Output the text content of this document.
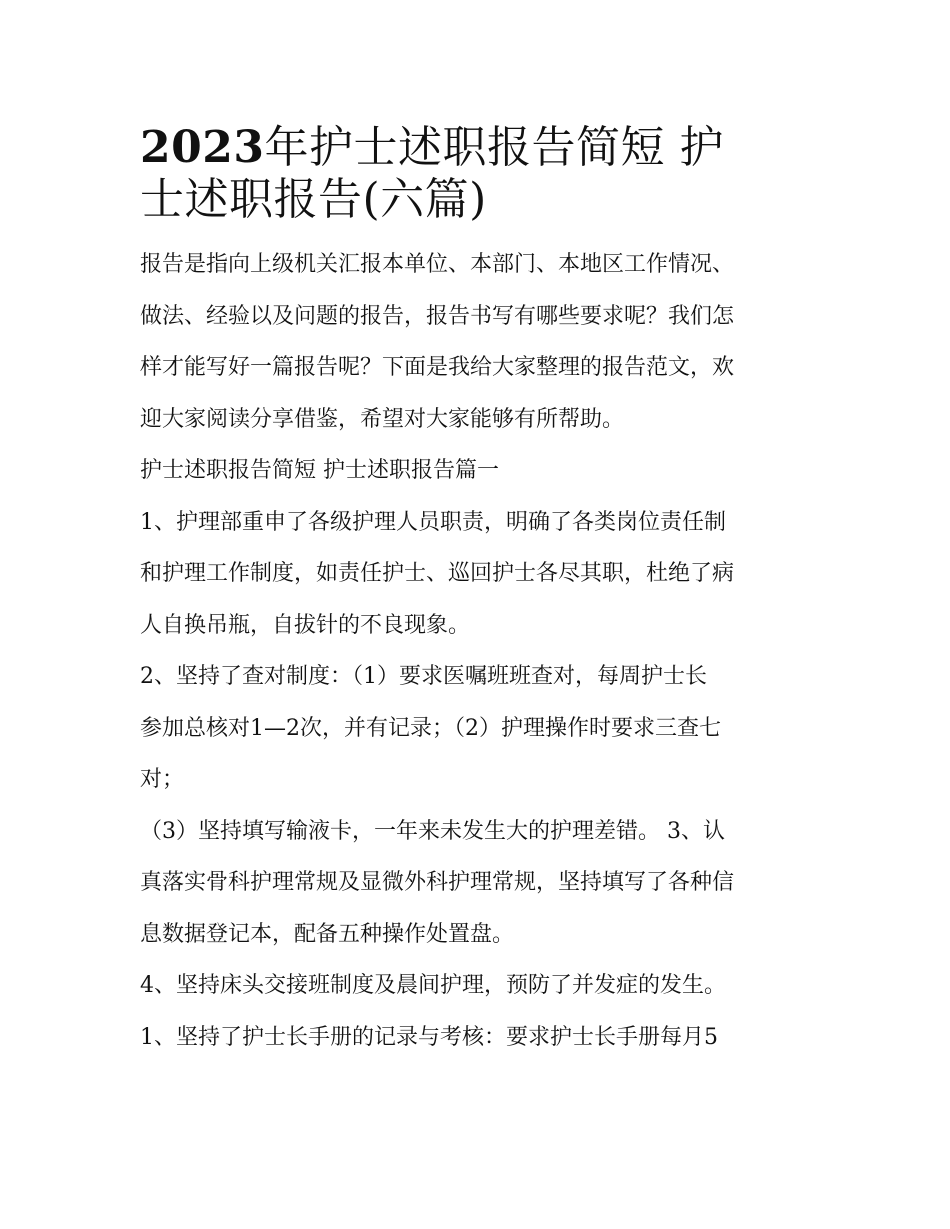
2023年护士述职报告简短 护
士述职报告(六篇)
报告是指向上级机关汇报本单位、本部门、本地区工作情况、
做法、经验以及问题的报告，报告书写有哪些要求呢？我们怎
样才能写好一篇报告呢？下面是我给大家整理的报告范文，欢
迎大家阅读分享借鉴，希望对大家能够有所帮助。
护士述职报告简短 护士述职报告篇一
1、护理部重申了各级护理人员职责，明确了各类岗位责任制
和护理工作制度，如责任护士、巡回护士各尽其职，杜绝了病
人自换吊瓶，自拔针的不良现象。
2、坚持了查对制度：（1）要求医嘱班班查对，每周护士长
参加总核对1—2次，并有记录；（2）护理操作时要求三查七
对；
（3）坚持填写输液卡，一年来未发生大的护理差错。 3、认
真落实骨科护理常规及显微外科护理常规，坚持填写了各种信
息数据登记本，配备五种操作处置盘。
4、坚持床头交接班制度及晨间护理，预防了并发症的发生。
1、坚持了护士长手册的记录与考核：要求护士长手册每月5
